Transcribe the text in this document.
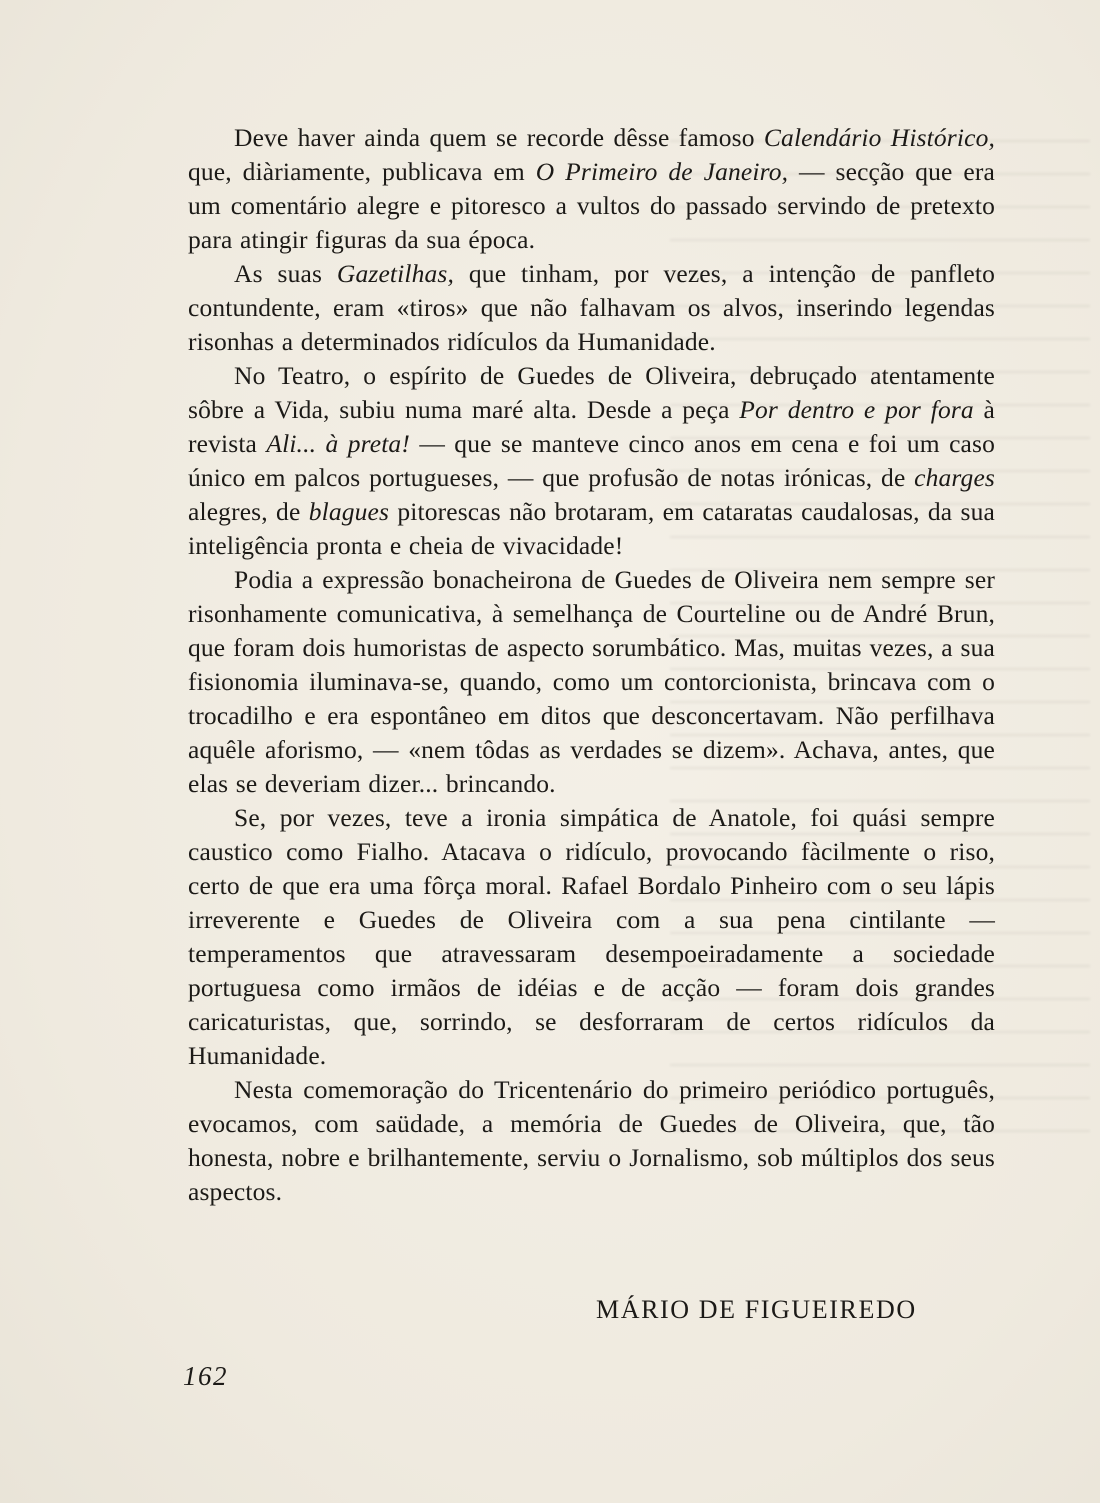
Deve haver ainda quem se recorde dêsse famoso Calendário Histórico, que, diàriamente, publicava em O Primeiro de Janeiro, — secção que era um comentário alegre e pitoresco a vultos do passado servindo de pretexto para atingir figuras da sua época.

As suas Gazetilhas, que tinham, por vezes, a intenção de panfleto contundente, eram «tiros» que não falhavam os alvos, inserindo legendas risonhas a determinados ridículos da Humanidade.

No Teatro, o espírito de Guedes de Oliveira, debruçado atentamente sôbre a Vida, subiu numa maré alta. Desde a peça Por dentro e por fora à revista Ali... à preta! — que se manteve cinco anos em cena e foi um caso único em palcos portugueses, — que profusão de notas irónicas, de charges alegres, de blagues pitorescas não brotaram, em cataratas caudalosas, da sua inteligência pronta e cheia de vivacidade!

Podia a expressão bonacheirona de Guedes de Oliveira nem sempre ser risonhamente comunicativa, à semelhança de Courteline ou de André Brun, que foram dois humoristas de aspecto sorumbático. Mas, muitas vezes, a sua fisionomia iluminava-se, quando, como um contorcionista, brincava com o trocadilho e era espontâneo em ditos que desconcertavam. Não perfilhava aquêle aforismo, — «nem tôdas as verdades se dizem». Achava, antes, que elas se deveriam dizer... brincando.

Se, por vezes, teve a ironia simpática de Anatole, foi quási sempre caustico como Fialho. Atacava o ridículo, provocando fàcilmente o riso, certo de que era uma fôrça moral. Rafael Bordalo Pinheiro com o seu lápis irreverente e Guedes de Oliveira com a sua pena cintilante — temperamentos que atravessaram desempoeiradamente a sociedade portuguesa como irmãos de idéias e de acção — foram dois grandes caricaturistas, que, sorrindo, se desforraram de certos ridículos da Humanidade.

Nesta comemoração do Tricentenário do primeiro periódico português, evocamos, com saüdade, a memória de Guedes de Oliveira, que, tão honesta, nobre e brilhantemente, serviu o Jornalismo, sob múltiplos dos seus aspectos.

MÁRIO DE FIGUEIREDO
162
